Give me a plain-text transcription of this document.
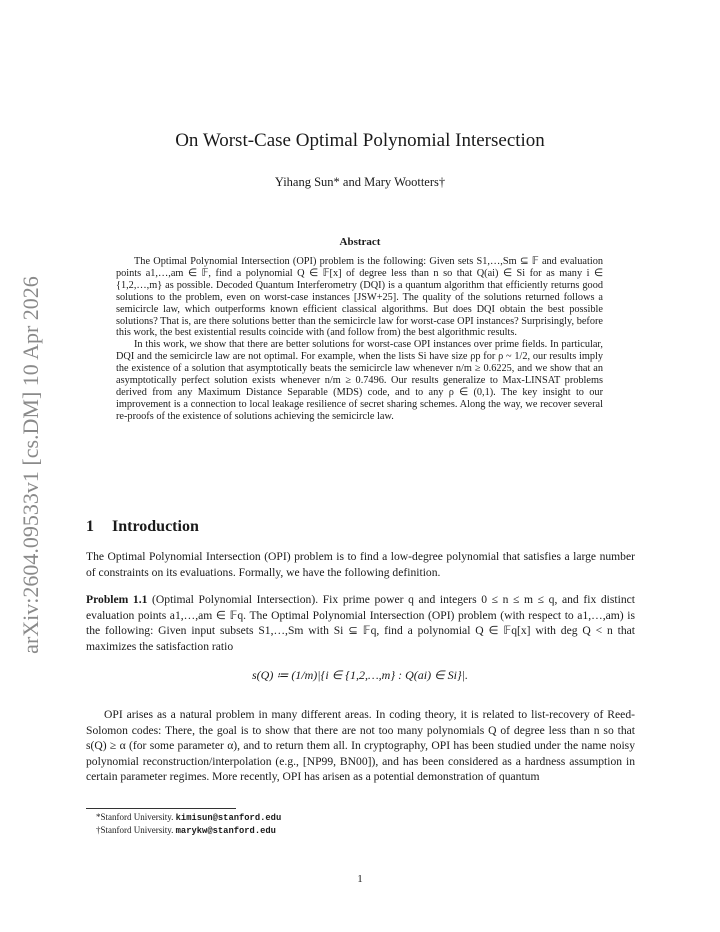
arXiv:2604.09533v1 [cs.DM] 10 Apr 2026
On Worst-Case Optimal Polynomial Intersection
Yihang Sun* and Mary Wootters†
Abstract

The Optimal Polynomial Intersection (OPI) problem is the following: Given sets S1,…,Sm ⊆ 𝔽 and evaluation points a1,…,am ∈ 𝔽, find a polynomial Q ∈ 𝔽[x] of degree less than n so that Q(ai) ∈ Si for as many i ∈ {1,2,…,m} as possible. Decoded Quantum Interferometry (DQI) is a quantum algorithm that efficiently returns good solutions to the problem, even on worst-case instances [JSW+25]. The quality of the solutions returned follows a semicircle law, which outperforms known efficient classical algorithms. But does DQI obtain the best possible solutions? That is, are there solutions better than the semicircle law for worst-case OPI instances? Surprisingly, before this work, the best existential results coincide with (and follow from) the best algorithmic results.

In this work, we show that there are better solutions for worst-case OPI instances over prime fields. In particular, DQI and the semicircle law are not optimal. For example, when the lists Si have size ρp for ρ ~ 1/2, our results imply the existence of a solution that asymptotically beats the semicircle law whenever n/m ≥ 0.6225, and we show that an asymptotically perfect solution exists whenever n/m ≥ 0.7496. Our results generalize to Max-LINSAT problems derived from any Maximum Distance Separable (MDS) code, and to any ρ ∈ (0,1). The key insight to our improvement is a connection to local leakage resilience of secret sharing schemes. Along the way, we recover several re-proofs of the existence of solutions achieving the semicircle law.

1 Introduction

The Optimal Polynomial Intersection (OPI) problem is to find a low-degree polynomial that satisfies a large number of constraints on its evaluations. Formally, we have the following definition.

Problem 1.1 (Optimal Polynomial Intersection). Fix prime power q and integers 0 ≤ n ≤ m ≤ q, and fix distinct evaluation points a1,…,am ∈ 𝔽q. The Optimal Polynomial Intersection (OPI) problem (with respect to a1,…,am) is the following: Given input subsets S1,…,Sm with Si ⊆ 𝔽q, find a polynomial Q ∈ 𝔽q[x] with deg Q < n that maximizes the satisfaction ratio

s(Q) ≔ (1/m)|{i ∈ {1,2,…,m} : Q(ai) ∈ Si}|.

OPI arises as a natural problem in many different areas. In coding theory, it is related to list-recovery of Reed-Solomon codes: There, the goal is to show that there are not too many polynomials Q of degree less than n so that s(Q) ≥ α (for some parameter α), and to return them all. In cryptography, OPI has been studied under the name noisy polynomial reconstruction/interpolation (e.g., [NP99, BN00]), and has been considered as a hardness assumption in certain parameter regimes. More recently, OPI has arisen as a potential demonstration of quantum

*Stanford University. kimisun@stanford.edu
†Stanford University. marykw@stanford.edu
1
